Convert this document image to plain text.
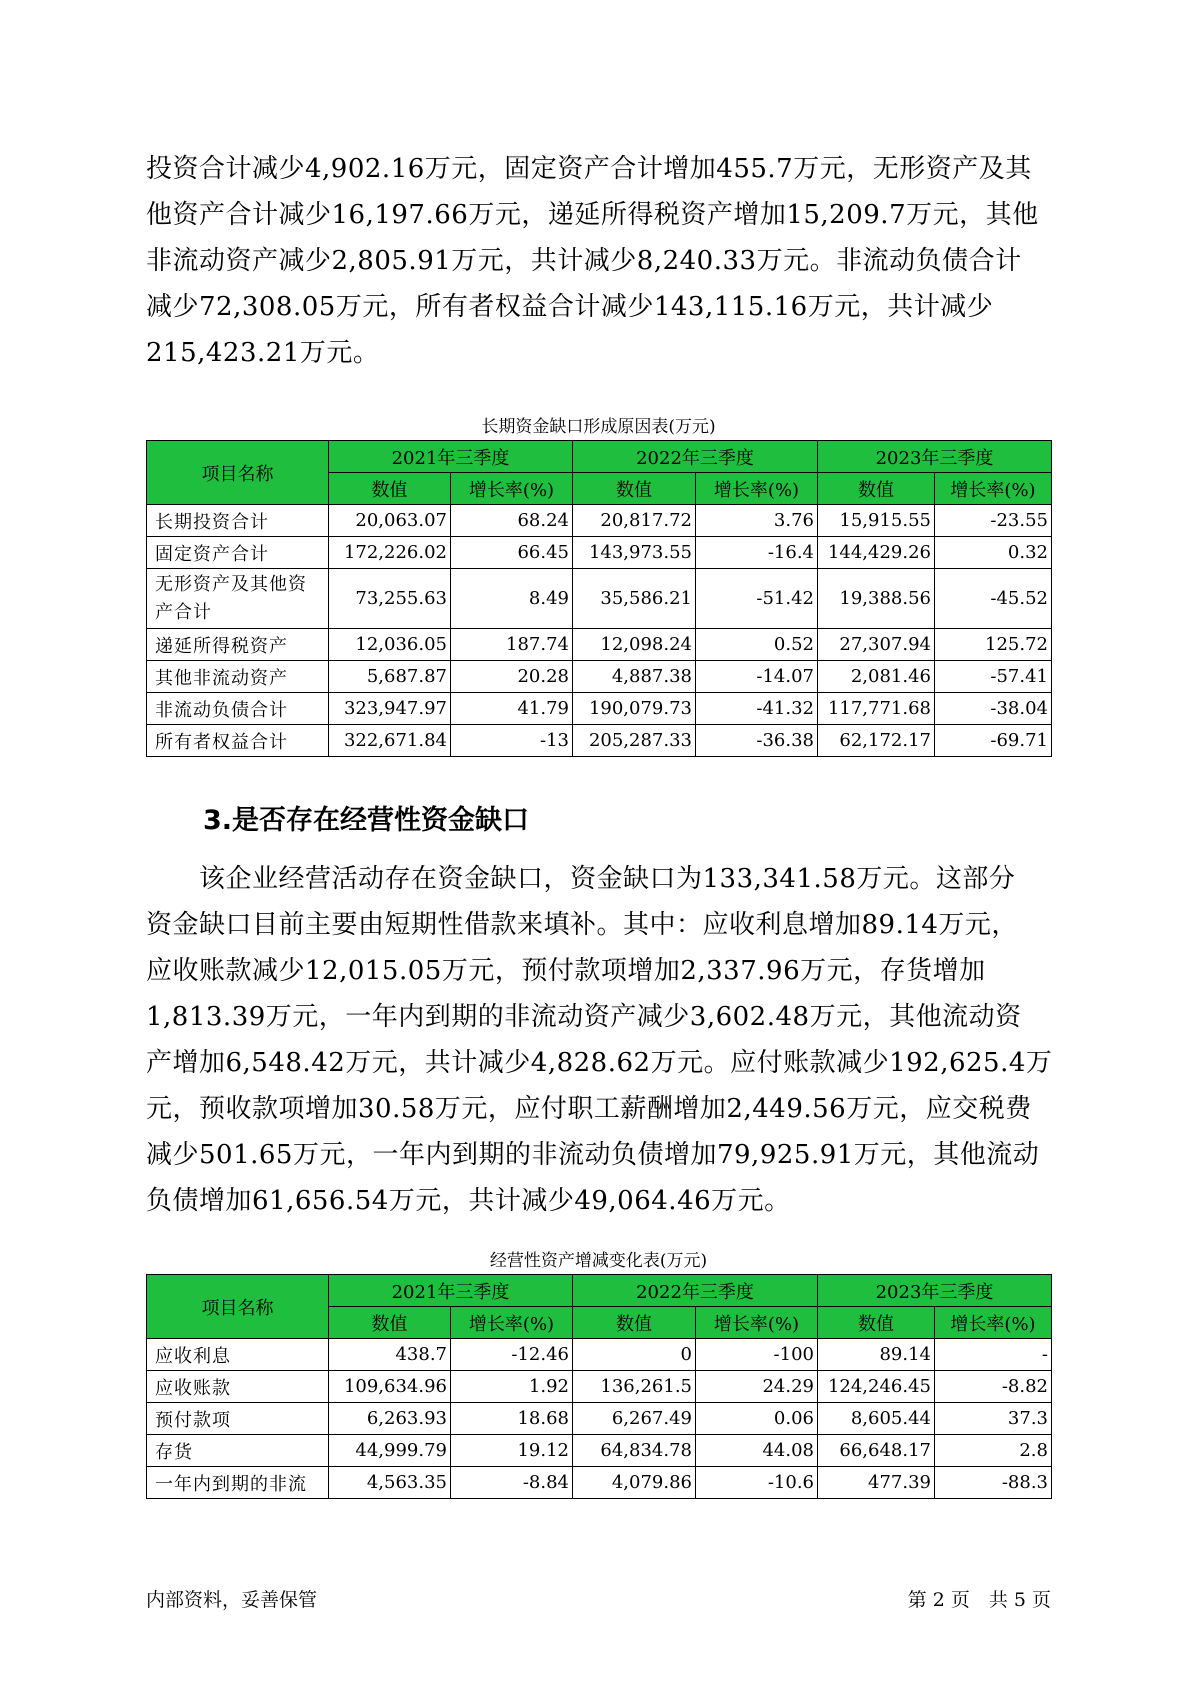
投资合计减少4,902.16万元，固定资产合计增加455.7万元，无形资产及其
他资产合计减少16,197.66万元，递延所得税资产增加15,209.7万元，其他
非流动资产减少2,805.91万元，共计减少8,240.33万元。非流动负债合计
减少72,308.05万元，所有者权益合计减少143,115.16万元，共计减少
215,423.21万元。
长期资金缺口形成原因表(万元)
项目名称	2021年三季度		2022年三季度		2023年三季度	
	数值	增长率(%)	数值	增长率(%)	数值	增长率(%)
长期投资合计	20,063.07	68.24	20,817.72	3.76	15,915.55	-23.55
固定资产合计	172,226.02	66.45	143,973.55	-16.4	144,429.26	0.32
无形资产及其他资产合计	73,255.63	8.49	35,586.21	-51.42	19,388.56	-45.52
递延所得税资产	12,036.05	187.74	12,098.24	0.52	27,307.94	125.72
其他非流动资产	5,687.87	20.28	4,887.38	-14.07	2,081.46	-57.41
非流动负债合计	323,947.97	41.79	190,079.73	-41.32	117,771.68	-38.04
所有者权益合计	322,671.84	-13	205,287.33	-36.38	62,172.17	-69.71
3.是否存在经营性资金缺口
　　该企业经营活动存在资金缺口，资金缺口为133,341.58万元。这部分
资金缺口目前主要由短期性借款来填补。其中：应收利息增加89.14万元，
应收账款减少12,015.05万元，预付款项增加2,337.96万元，存货增加
1,813.39万元，一年内到期的非流动资产减少3,602.48万元，其他流动资
产增加6,548.42万元，共计减少4,828.62万元。应付账款减少192,625.4万
元，预收款项增加30.58万元，应付职工薪酬增加2,449.56万元，应交税费
减少501.65万元，一年内到期的非流动负债增加79,925.91万元，其他流动
负债增加61,656.54万元，共计减少49,064.46万元。
经营性资产增减变化表(万元)
项目名称	2021年三季度		2022年三季度		2023年三季度	
	数值	增长率(%)	数值	增长率(%)	数值	增长率(%)
应收利息	438.7	-12.46	0	-100	89.14	-
应收账款	109,634.96	1.92	136,261.5	24.29	124,246.45	-8.82
预付款项	6,263.93	18.68	6,267.49	0.06	8,605.44	37.3
存货	44,999.79	19.12	64,834.78	44.08	66,648.17	2.8
一年内到期的非流	4,563.35	-8.84	4,079.86	-10.6	477.39	-88.3
内部资料，妥善保管	第 2 页　共 5 页
